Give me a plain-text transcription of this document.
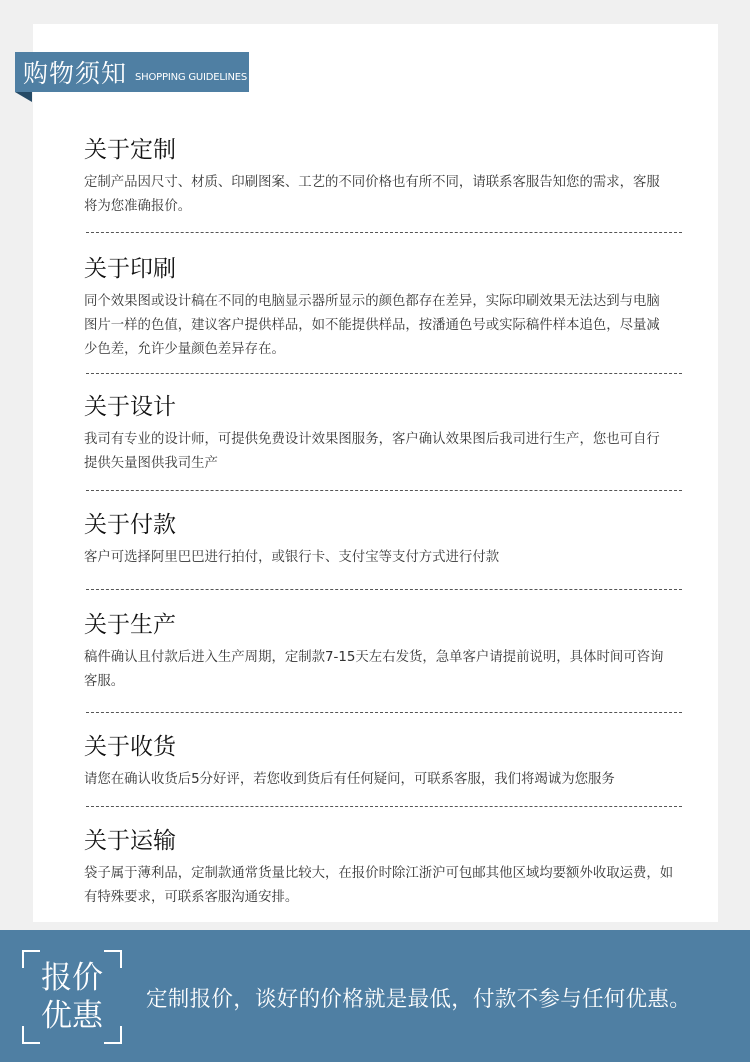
购物须知 SHOPPING GUIDELINES
关于定制

定制产品因尺寸、材质、印刷图案、工艺的不同价格也有所不同，请联系客服告知您的需求，客服
将为您准确报价。

关于印刷

同个效果图或设计稿在不同的电脑显示器所显示的颜色都存在差异，实际印刷效果无法达到与电脑
图片一样的色值，建议客户提供样品，如不能提供样品，按潘通色号或实际稿件样本追色，尽量减
少色差，允许少量颜色差异存在。

关于设计

我司有专业的设计师，可提供免费设计效果图服务，客户确认效果图后我司进行生产，您也可自行
提供矢量图供我司生产

关于付款

客户可选择阿里巴巴进行拍付，或银行卡、支付宝等支付方式进行付款

关于生产

稿件确认且付款后进入生产周期，定制款7-15天左右发货，急单客户请提前说明，具体时间可咨询
客服。

关于收货

请您在确认收货后5分好评，若您收到货后有任何疑问，可联系客服，我们将竭诚为您服务

关于运输

袋子属于薄利品，定制款通常货量比较大，在报价时除江浙沪可包邮其他区域均要额外收取运费，如
有特殊要求，可联系客服沟通安排。

报价
优惠	定制报价，谈好的价格就是最低，付款不参与任何优惠。
